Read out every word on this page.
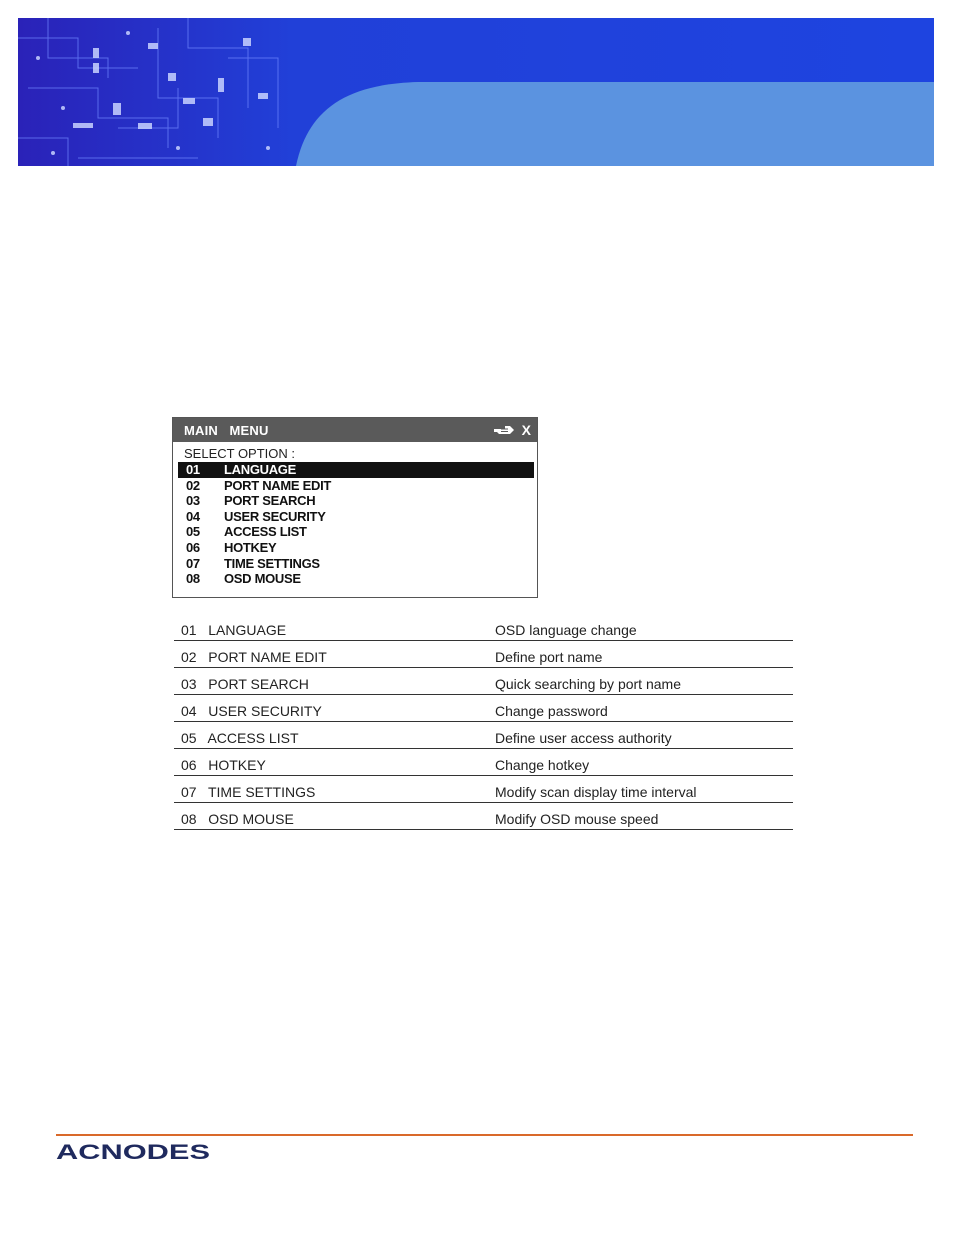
MAIN   MENU	X
SELECT OPTION :
01 LANGUAGE
02 PORT NAME EDIT
03 PORT SEARCH
04 USER SECURITY
05 ACCESS LIST
06 HOTKEY
07 TIME SETTINGS
08 OSD MOUSE
01   LANGUAGE	OSD language change
02   PORT NAME EDIT	Define port name
03   PORT SEARCH	Quick searching by port name
04   USER SECURITY	Change password
05   ACCESS LIST	Define user access authority
06   HOTKEY	Change hotkey
07   TIME SETTINGS	Modify scan display time interval
08   OSD MOUSE	Modify OSD mouse speed
ACNODES
